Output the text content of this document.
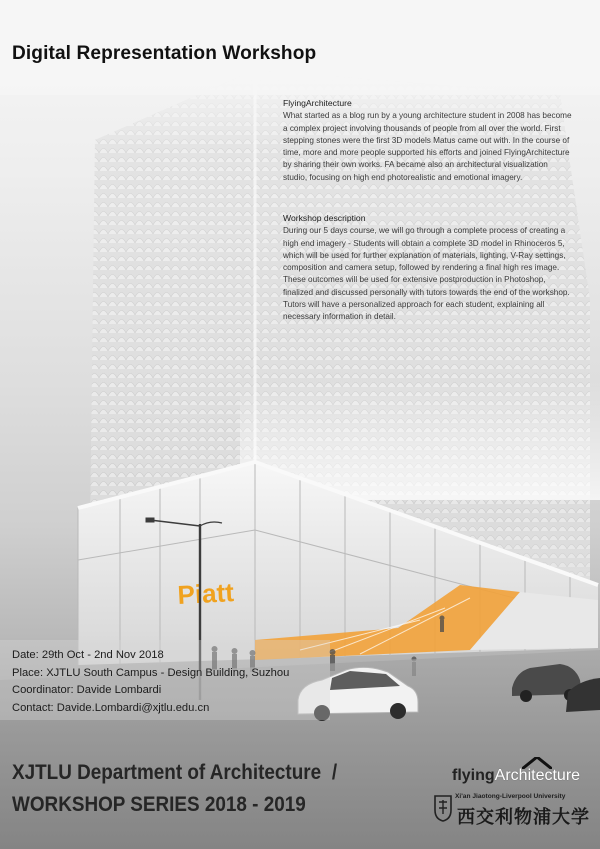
Piatt
Digital Representation Workshop
FlyingArchitecture

What started as a blog run by a young architecture student in 2008 has become a complex project involving thousands of people from all over the world. First stepping stones were the first 3D models Matus came out with. In the course of time, more and more people supported his efforts and joined FlyingArchitecture by sharing their own works. FA became also an architectural visualization studio, focusing on high end photorealistic and emotional imagery.

Workshop description

During our 5 days course, we will go through a complete process of creating a high end imagery - Students will obtain a complete 3D model in Rhinoceros 5, which will be used for further explanation of materials, lighting, V-Ray settings, composition and camera setup, followed by rendering a final high res image. These outcomes will be used for extensive postproduction in Photoshop, finalized and discussed personally with tutors towards the end of the workshop. Tutors will have a personalized approach for each student, explaining all necessary information in detail.

Date: 29th Oct - 2nd Nov 2018
Place: XJTLU South Campus - Design Building, Suzhou
Coordinator: Davide Lombardi
Contact: Davide.Lombardi@xjtlu.edu.cn
XJTLU Department of Architecture /
WORKSHOP SERIES 2018 - 2019
flyingArchitecture
Xi'an Jiaotong-Liverpool University
西交利物浦大学
